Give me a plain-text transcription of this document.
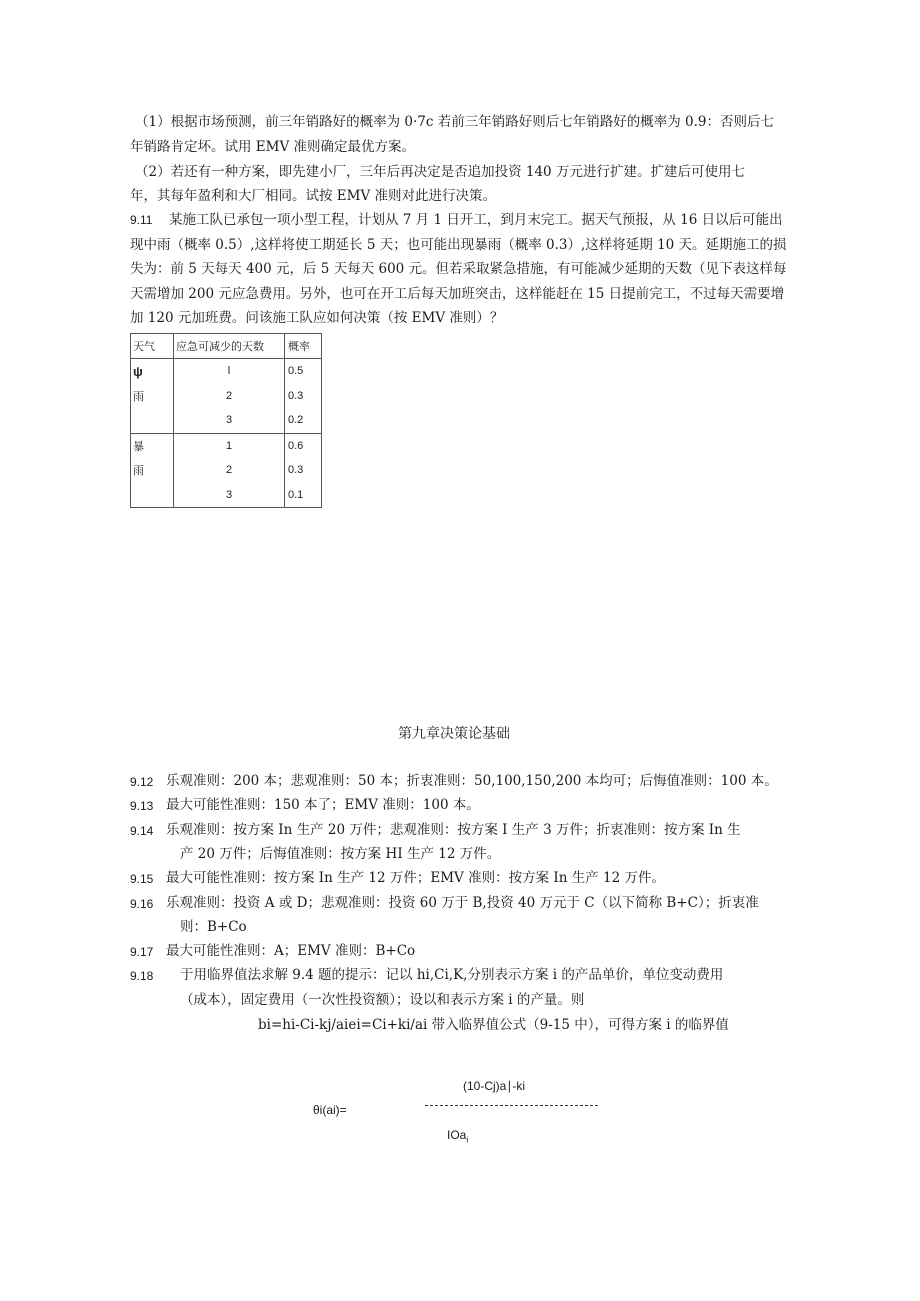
（1）根据市场预测，前三年销路好的概率为 0·7c 若前三年销路好则后七年销路好的概率为 0.9：否则后七
年销路肯定坏。试用 EMV 准则确定最优方案。
（2）若还有一种方案，即先建小厂，三年后再决定是否追加投资 140 万元进行扩建。扩建后可使用七
年，其每年盈利和大厂相同。试按 EMV 准则对此进行决策。
9.11 某施工队已承包一项小型工程，计划从 7 月 1 日开工，到月末完工。据天气预报，从 16 日以后可能出
现中雨（概率 0.5）,这样将使工期延长 5 天；也可能出现暴雨（概率 0.3）,这样将延期 10 天。延期施工的损
失为：前 5 天每天 400 元，后 5 天每天 600 元。但若采取紧急措施，有可能减少延期的天数（见下表这样每
天需增加 200 元应急费用。另外，也可在开工后每天加班突击，这样能赶在 15 日提前完工，不过每天需要增
加 120 元加班费。问该施工队应如何决策（按 EMV 准则）？
天气	应急可减少的天数	概率
ψ	l	0.5
雨	2	0.3
	3	0.2
暴	1	0.6
雨	2	0.3
	3	0.1
第九章决策论基础
9.12 乐观准则：200 本；悲观准则：50 本；折衷准则：50,100,150,200 本均可；后悔值准则：100 本。
9.13 最大可能性准则：150 本了；EMV 准则：100 本。
9.14 乐观准则：按方案 In 生产 20 万件；悲观准则：按方案 I 生产 3 万件；折衷准则：按方案 In 生
产 20 万件；后悔值准则：按方案 HI 生产 12 万件。
9.15 最大可能性准则：按方案 In 生产 12 万件；EMV 准则：按方案 In 生产 12 万件。
9.16 乐观准则：投资 A 或 D；悲观准则：投资 60 万于 B,投资 40 万元于 C（以下简称 B+C）；折衷准
则：B+Co
9.17 最大可能性准则：A；EMV 准则：B+Co
9.18 于用临界值法求解 9.4 题的提示：记以 hi,Ci,K,分别表示方案 i 的产品单价，单位变动费用
（成本），固定费用（一次性投资额）；设以和表示方案 i 的产量。则
bi=hi-Ci-kj/aiei=Ci+ki/ai 带入临界值公式（9-15 中），可得方案 i 的临界值
(10-Cj)a∣-ki
θi(ai)=
IOa$_i$
